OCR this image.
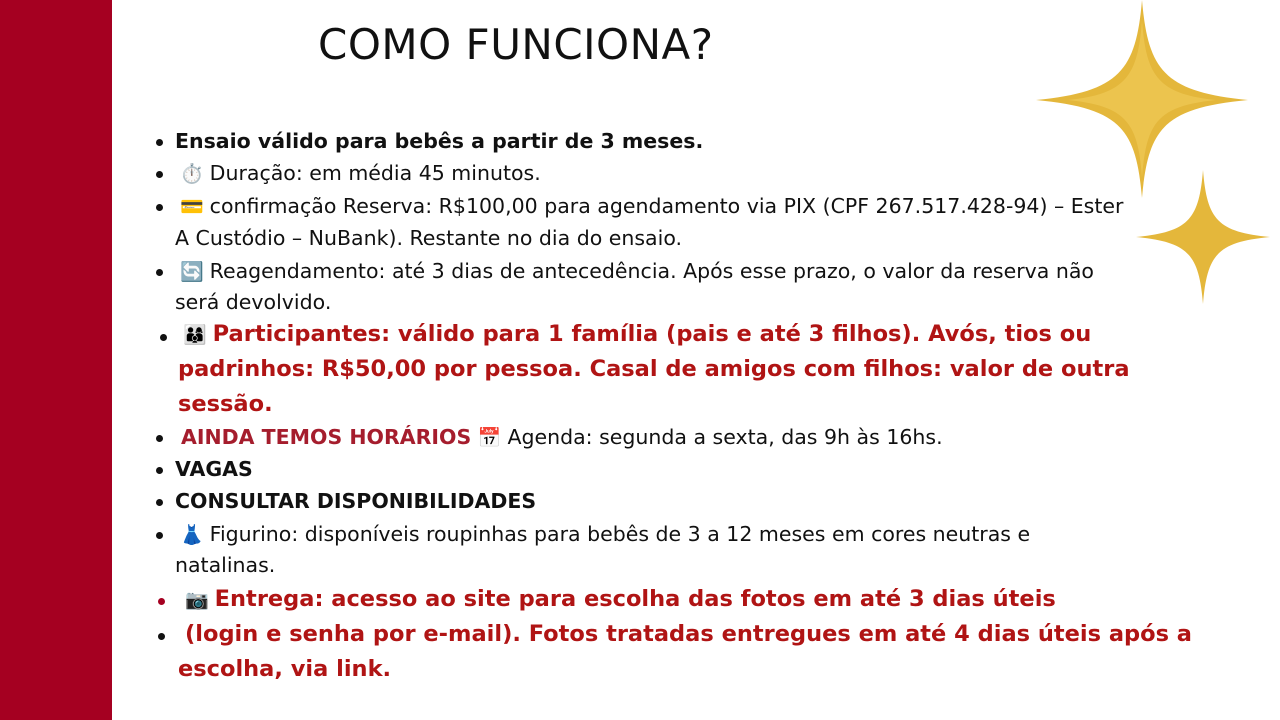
COMO FUNCIONA?
Ensaio válido para bebês a partir de 3 meses.
⏱️ Duração: em média 45 minutos.
💳 confirmação Reserva: R$100,00 para agendamento via PIX (CPF 267.517.428-94) – Ester
A Custódio – NuBank). Restante no dia do ensaio.
🔄 Reagendamento: até 3 dias de antecedência. Após esse prazo, o valor da reserva não
será devolvido.
👨‍👩‍👦 Participantes: válido para 1 família (pais e até 3 filhos). Avós, tios ou
padrinhos: R$50,00 por pessoa. Casal de amigos com filhos: valor de outra
sessão.
AINDA TEMOS HORÁRIOS 📅 Agenda: segunda a sexta, das 9h às 16hs.
VAGAS
CONSULTAR DISPONIBILIDADES
👗 Figurino: disponíveis roupinhas para bebês de 3 a 12 meses em cores neutras e
natalinas.
📷 Entrega: acesso ao site para escolha das fotos em até 3 dias úteis
(login e senha por e-mail). Fotos tratadas entregues em até 4 dias úteis após a
escolha, via link.
